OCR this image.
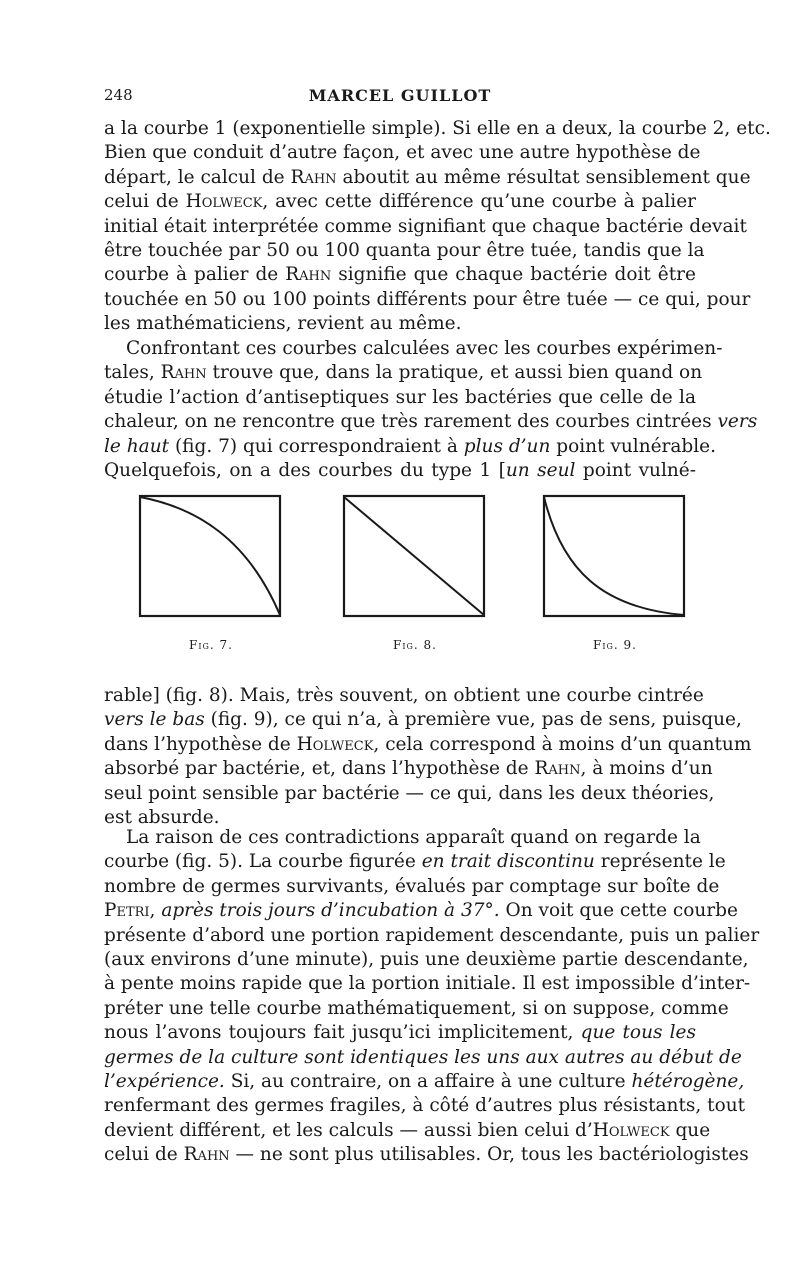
248	MARCEL GUILLOT
a la courbe 1 (exponentielle simple). Si elle en a deux, la courbe 2, etc.
Bien que conduit d’autre façon, et avec une autre hypothèse de
départ, le calcul de Rahn aboutit au même résultat sensiblement que
celui de Holweck, avec cette différence qu’une courbe à palier
initial était interprétée comme signifiant que chaque bactérie devait
être touchée par 50 ou 100 quanta pour être tuée, tandis que la
courbe à palier de Rahn signifie que chaque bactérie doit être
touchée en 50 ou 100 points différents pour être tuée — ce qui, pour
les mathématiciens, revient au même.
Confrontant ces courbes calculées avec les courbes expérimen-
tales, Rahn trouve que, dans la pratique, et aussi bien quand on
étudie l’action d’antiseptiques sur les bactéries que celle de la
chaleur, on ne rencontre que très rarement des courbes cintrées vers
le haut (fig. 7) qui correspondraient à plus d’un point vulnérable.
Quelquefois, on a des courbes du type 1 [un seul point vulné-
Fig. 7.	Fig. 8.	Fig. 9.
rable] (fig. 8). Mais, très souvent, on obtient une courbe cintrée
vers le bas (fig. 9), ce qui n’a, à première vue, pas de sens, puisque,
dans l’hypothèse de Holweck, cela correspond à moins d’un quantum
absorbé par bactérie, et, dans l’hypothèse de Rahn, à moins d’un
seul point sensible par bactérie — ce qui, dans les deux théories,
est absurde.
La raison de ces contradictions apparaît quand on regarde la
courbe (fig. 5). La courbe figurée en trait discontinu représente le
nombre de germes survivants, évalués par comptage sur boîte de
Petri, après trois jours d’incubation à 37°. On voit que cette courbe
présente d’abord une portion rapidement descendante, puis un palier
(aux environs d’une minute), puis une deuxième partie descendante,
à pente moins rapide que la portion initiale. Il est impossible d’inter-
préter une telle courbe mathématiquement, si on suppose, comme
nous l’avons toujours fait jusqu’ici implicitement, que tous les
germes de la culture sont identiques les uns aux autres au début de
l’expérience. Si, au contraire, on a affaire à une culture hétérogène,
renfermant des germes fragiles, à côté d’autres plus résistants, tout
devient différent, et les calculs — aussi bien celui d’Holweck que
celui de Rahn — ne sont plus utilisables. Or, tous les bactériologistes
